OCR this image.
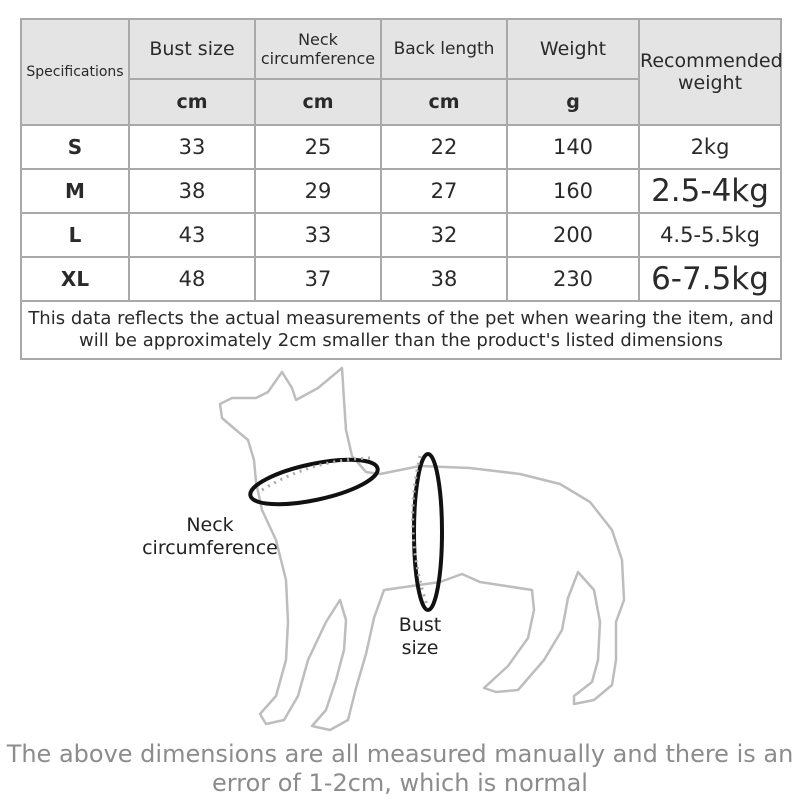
Specifications	Bust size	Neck circumference	Back length	Weight	Recommended weight
	cm	cm	cm	g	
S	33	25	22	140	2kg
M	38	29	27	160	2.5-4kg
L	43	33	32	200	4.5-5.5kg
XL	48	37	38	230	6-7.5kg
This data reflects the actual measurements of the pet when wearing the item, and will be approximately 2cm smaller than the product's listed dimensions					
Neck circumference
Bust size
The above dimensions are all measured manually and there is an error of 1-2cm, which is normal
